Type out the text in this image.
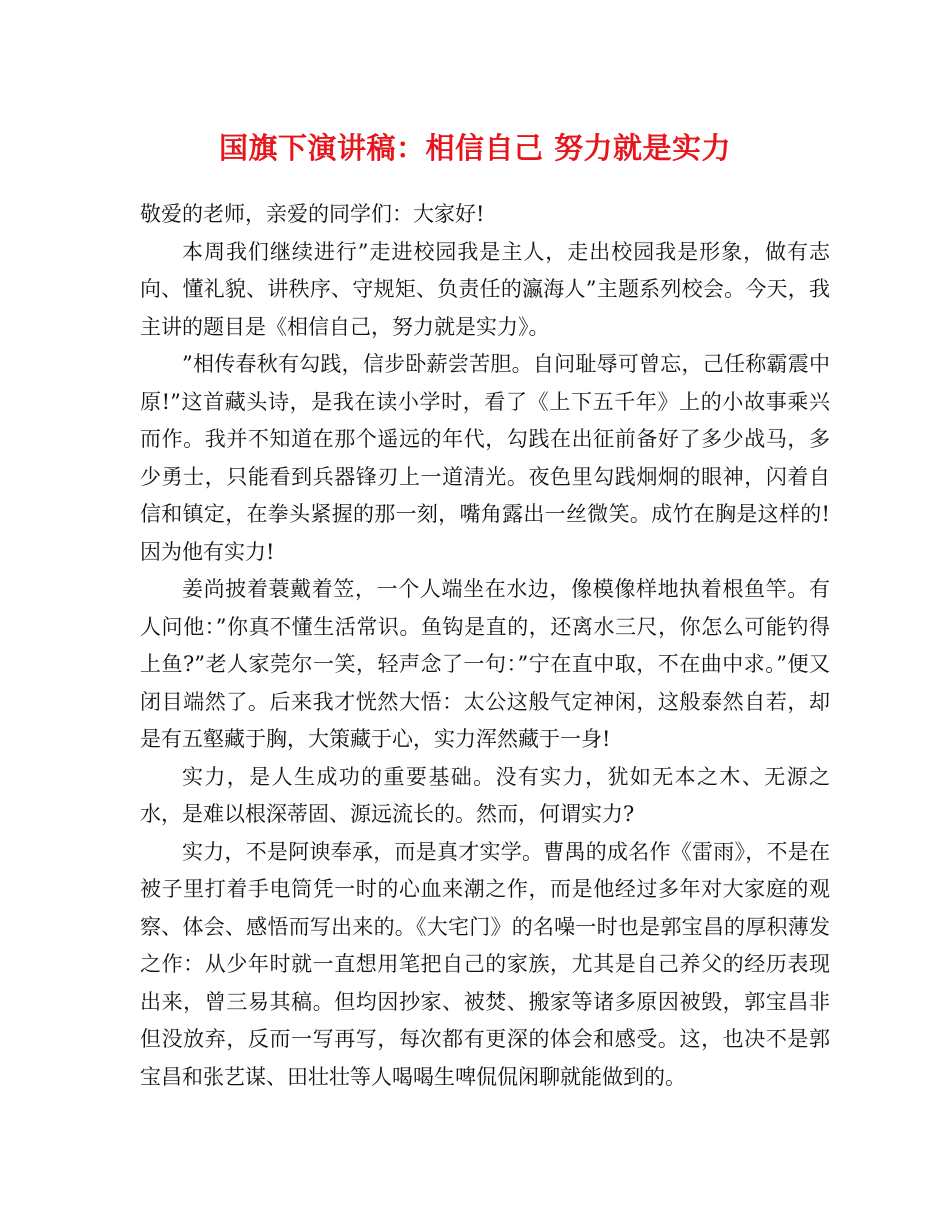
国旗下演讲稿：相信自己 努力就是实力

敬爱的老师，亲爱的同学们：大家好!

本周我们继续进行”走进校园我是主人，走出校园我是形象，做有志向、懂礼貌、讲秩序、守规矩、负责任的瀛海人”主题系列校会。今天，我主讲的题目是《相信自己，努力就是实力》。

”相传春秋有勾践，信步卧薪尝苦胆。自问耻辱可曾忘，己任称霸震中原!”这首藏头诗，是我在读小学时，看了《上下五千年》上的小故事乘兴而作。我并不知道在那个遥远的年代，勾践在出征前备好了多少战马，多少勇士，只能看到兵器锋刃上一道清光。夜色里勾践炯炯的眼神，闪着自信和镇定，在拳头紧握的那一刻，嘴角露出一丝微笑。成竹在胸是这样的!因为他有实力!

姜尚披着蓑戴着笠，一个人端坐在水边，像模像样地执着根鱼竿。有人问他：”你真不懂生活常识。鱼钩是直的，还离水三尺，你怎么可能钓得上鱼?”老人家莞尔一笑，轻声念了一句：”宁在直中取，不在曲中求。”便又闭目端然了。后来我才恍然大悟：太公这般气定神闲，这般泰然自若，却是有五壑藏于胸，大策藏于心，实力浑然藏于一身!

实力，是人生成功的重要基础。没有实力，犹如无本之木、无源之水，是难以根深蒂固、源远流长的。然而，何谓实力?

实力，不是阿谀奉承，而是真才实学。曹禺的成名作《雷雨》，不是在被子里打着手电筒凭一时的心血来潮之作，而是他经过多年对大家庭的观察、体会、感悟而写出来的。《大宅门》的名噪一时也是郭宝昌的厚积薄发之作：从少年时就一直想用笔把自己的家族，尤其是自己养父的经历表现出来，曾三易其稿。但均因抄家、被焚、搬家等诸多原因被毁，郭宝昌非但没放弃，反而一写再写，每次都有更深的体会和感受。这，也决不是郭宝昌和张艺谋、田壮壮等人喝喝生啤侃侃闲聊就能做到的。
